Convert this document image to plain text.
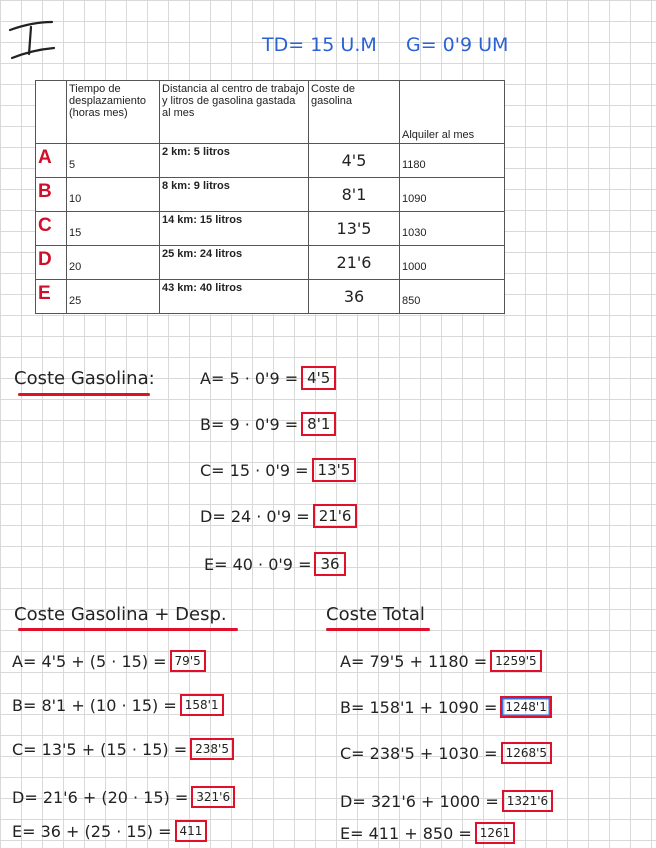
TD= 15 U.M G= 0'9 UM
	Tiempo de desplazamiento (horas mes)	Distancia al centro de trabajo y litros de gasolina gastada al mes	Coste de gasolina	Alquiler al mes
A	5	2 km: 5 litros	4'5	1180
B	10	8 km: 9 litros	8'1	1090
C	15	14 km: 15 litros	13'5	1030
D	20	25 km: 24 litros	21'6	1000
E	25	43 km: 40 litros	36	850
Coste Gasolina:	A= 5 · 0'9 = 4'5
B= 9 · 0'9 = 8'1
C= 15 · 0'9 = 13'5
D= 24 · 0'9 = 21'6
E= 40 · 0'9 = 36
Coste Gasolina + Desp.
A= 4'5 + (5 · 15) = 79'5
B= 8'1 + (10 · 15) = 158'1
C= 13'5 + (15 · 15) = 238'5
D= 21'6 + (20 · 15) = 321'6
E= 36 + (25 · 15) = 411
Coste Total
A= 79'5 + 1180 = 1259'5
B= 158'1 + 1090 = 1248'1
C= 238'5 + 1030 = 1268'5
D= 321'6 + 1000 = 1321'6
E= 411 + 850 = 1261
